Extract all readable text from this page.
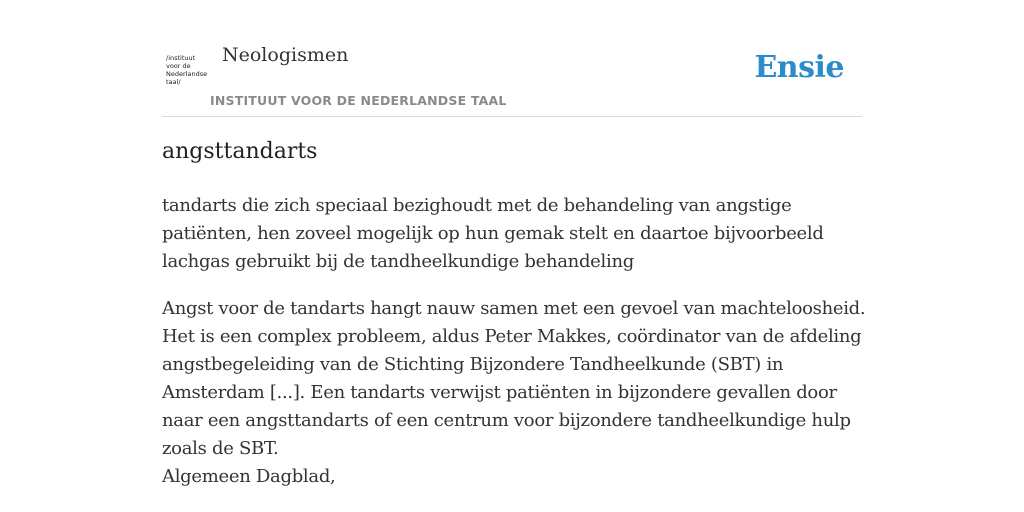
/instituut
voor de
Nederlandse
taal/
Neologismen
INSTITUUT VOOR DE NEDERLANDSE TAAL
Ensie
angsttandarts

tandarts die zich speciaal bezighoudt met de behandeling van angstige patiënten, hen zoveel mogelijk op hun gemak stelt en daartoe bijvoorbeeld lachgas gebruikt bij de tandheelkundige behandeling

Angst voor de tandarts hangt nauw samen met een gevoel van machteloosheid. Het is een complex probleem, aldus Peter Makkes, coördinator van de afdeling angstbegeleiding van de Stichting Bijzondere Tandheelkunde (SBT) in Amsterdam [...]. Een tandarts verwijst patiënten in bijzondere gevallen door naar een angsttandarts of een centrum voor bijzondere tandheelkundige hulp zoals de SBT.
Algemeen Dagblad,
